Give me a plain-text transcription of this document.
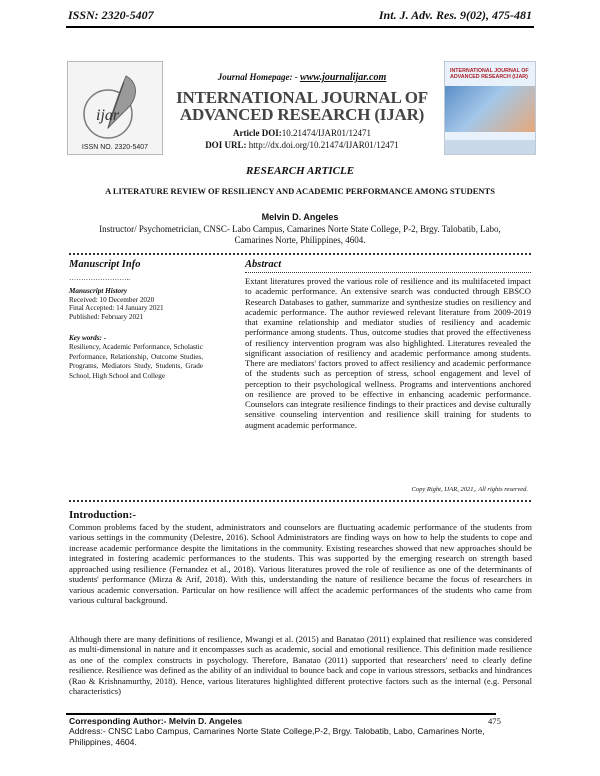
ISSN: 2320-5407	Int. J. Adv. Res. 9(02), 475-481
ijar
ISSN NO. 2320-5407
Journal Homepage: - www.journalijar.com
INTERNATIONAL JOURNAL OF
ADVANCED RESEARCH (IJAR)
Article DOI:10.21474/IJAR01/12471
DOI URL: http://dx.doi.org/10.21474/IJAR01/12471
INTERNATIONAL JOURNAL OF ADVANCED RESEARCH (IJAR)
RESEARCH ARTICLE
A LITERATURE REVIEW OF RESILIENCY AND ACADEMIC PERFORMANCE AMONG STUDENTS
Melvin D. Angeles
Instructor/ Psychometrician, CNSC- Labo Campus, Camarines Norte State College, P-2, Brgy. Talobatib, Labo, Camarines Norte, Philippines, 4604.
Manuscript Info
……………………..
Manuscript History
Received: 10 December 2020
Final Accepted: 14 January 2021
Published: February 2021
Key words: -
Resiliency, Academic Performance, Scholastic Performance, Relationship, Outcome Studies, Programs, Mediators Study, Students, Grade School, High School and College
Abstract
Extant literatures proved the various role of resilience and its multifaceted impact to academic performance. An extensive search was conducted through EBSCO Research Databases to gather, summarize and synthesize studies on resiliency and academic performance. The author reviewed relevant literature from 2009-2019 that examine relationship and mediator studies of resiliency and academic performance among students. Thus, outcome studies that proved the effectiveness of resiliency intervention program was also highlighted. Literatures revealed the significant association of resiliency and academic performance among students. There are mediators' factors proved to affect resiliency and academic performance of the students such as perception of stress, school engagement and level of perception to their psychological wellness. Programs and interventions anchored on resilience are proved to be effective in enhancing academic performance. Counselors can integrate resilience findings to their practices and devise culturally sensitive counseling intervention and resilience skill training for students to augment academic performance.
Copy Right, IJAR, 2021,. All rights reserved.
Introduction:-
Common problems faced by the student, administrators and counselors are fluctuating academic performance of the students from various settings in the community (Delestre, 2016). School Administrators are finding ways on how to help the students to cope and increase academic performance despite the limitations in the community. Existing researches showed that new approaches should be integrated in fostering academic performances to the students. This was supported by the emerging research on strength based approached using resilience (Fernandez et al., 2018). Various literatures proved the role of resilience as one of the determinants of students' performance (Mirza & Arif, 2018). With this, understanding the nature of resilience became the focus of researchers in various academic conversation. Particular on how resilience will affect the academic performances of the students who came from various cultural background.
Although there are many definitions of resilience, Mwangi et al. (2015) and Banatao (2011) explained that resilience was considered as multi-dimensional in nature and it encompasses such as academic, social and emotional resilience. This definition made resilience as one of the complex constructs in psychology. Therefore, Banatao (2011) supported that researchers' need to clearly define resilience. Resilience was defined as the ability of an individual to bounce back and cope in various stressors, setbacks and hindrances (Rao & Krishnamurthy, 2018). Hence, various literatures highlighted different protective factors such as the internal (e.g. Personal characteristics)
Corresponding Author:- Melvin D. Angeles
Address:- CNSC Labo Campus, Camarines Norte State College,P-2, Brgy. Talobatib, Labo, Camarines Norte, Philippines, 4604.
475
